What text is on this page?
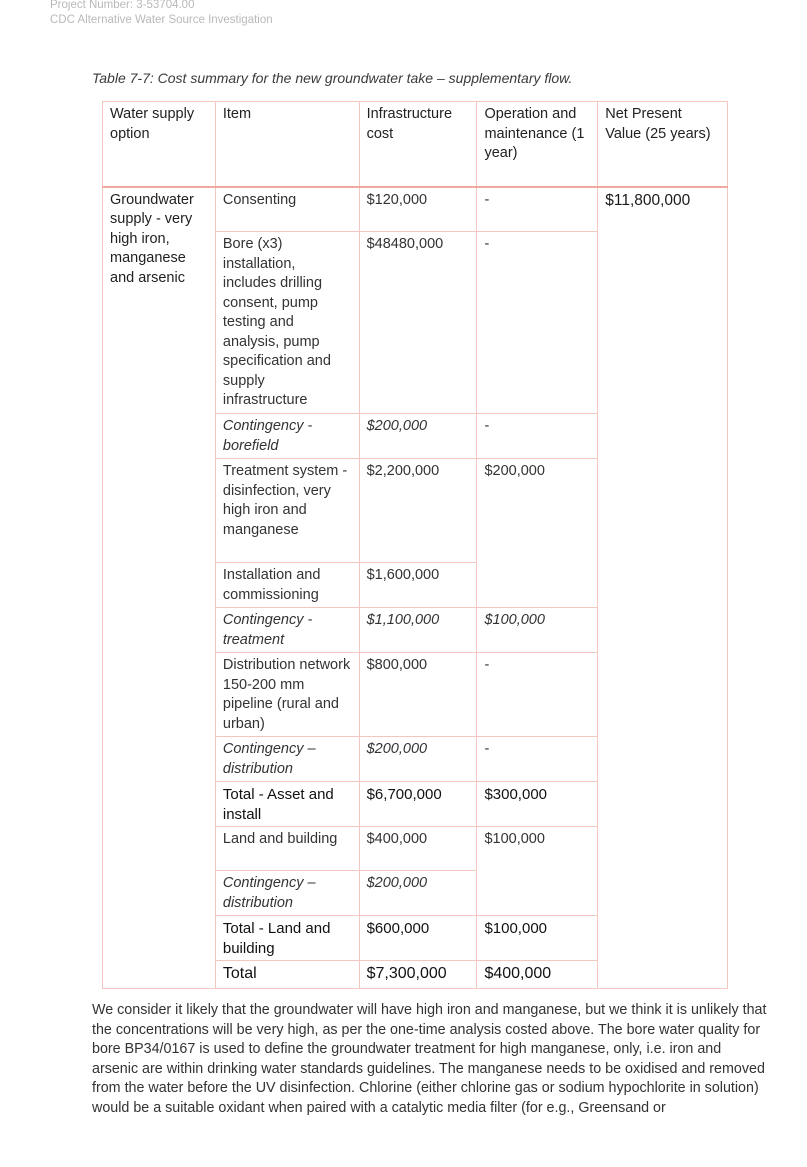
Project Number: 3-53704.00
CDC Alternative Water Source Investigation
Table 7-7: Cost summary for the new groundwater take – supplementary flow.
Water supply option	Item	Infrastructure cost	Operation and maintenance (1 year)	Net Present Value (25 years)
Groundwater supply - very high iron, manganese and arsenic	Consenting	$120,000	-	$11,800,000
	Bore (x3) installation, includes drilling consent, pump testing and analysis, pump specification and supply infrastructure	$48480,000	-	
	Contingency - borefield	$200,000	-	
	Treatment system - disinfection, very high iron and manganese	$2,200,000	$200,000	
	Installation and commissioning	$1,600,000		
	Contingency - treatment	$1,100,000	$100,000	
	Distribution network 150-200 mm pipeline (rural and urban)	$800,000	-	
	Contingency – distribution	$200,000	-	
	Total - Asset and install	$6,700,000	$300,000	
	Land and building	$400,000	$100,000	
	Contingency – distribution	$200,000		
	Total - Land and building	$600,000	$100,000	
	Total	$7,300,000	$400,000	
We consider it likely that the groundwater will have high iron and manganese, but we think it is unlikely that the concentrations will be very high, as per the one-time analysis costed above. The bore water quality for bore BP34/0167 is used to define the groundwater treatment for high manganese, only, i.e. iron and arsenic are within drinking water standards guidelines. The manganese needs to be oxidised and removed from the water before the UV disinfection. Chlorine (either chlorine gas or sodium hypochlorite in solution) would be a suitable oxidant when paired with a catalytic media filter (for e.g., Greensand or
